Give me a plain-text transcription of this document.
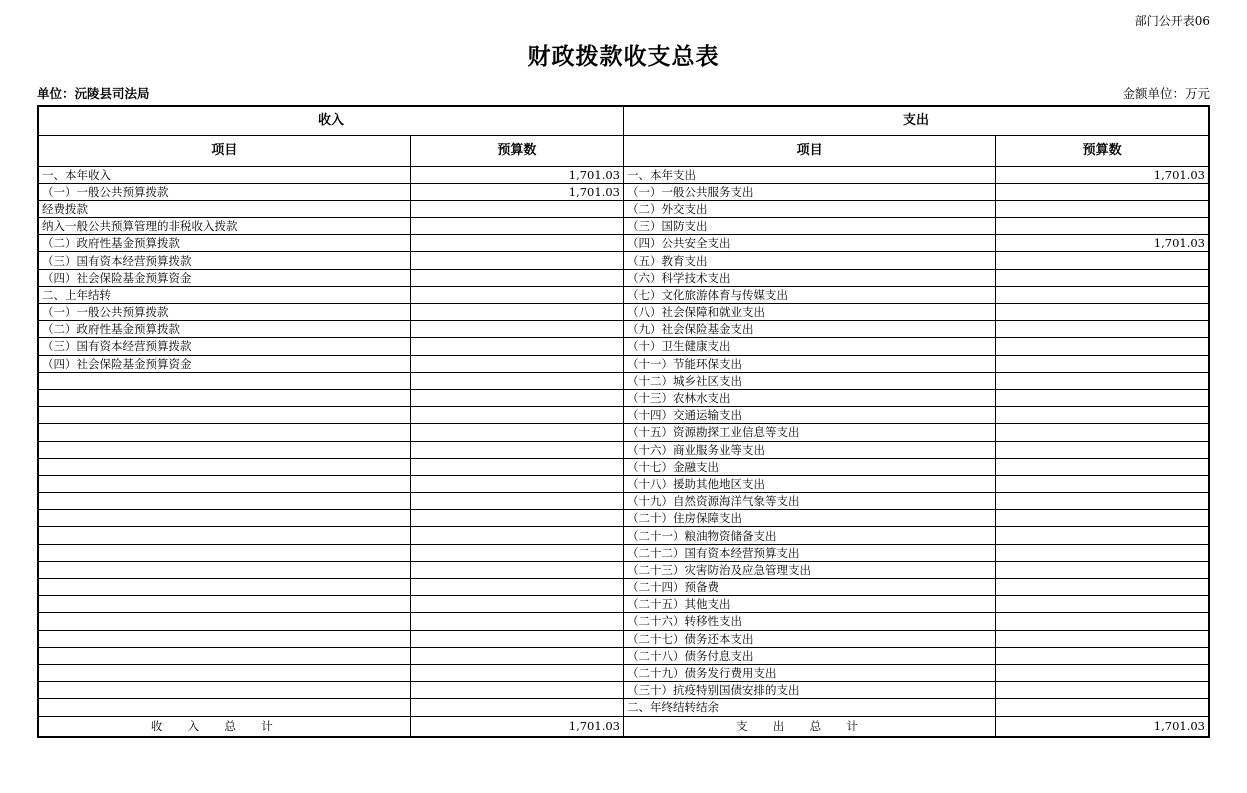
部门公开表06
财政拨款收支总表
单位：沅陵县司法局	金额单位：万元
收入		支出	
项目	预算数	项目	预算数
一、本年收入	1,701.03	一、本年支出	1,701.03
（一）一般公共预算拨款	1,701.03	（一）一般公共服务支出	
经费拨款		（二）外交支出	
纳入一般公共预算管理的非税收入拨款		（三）国防支出	
（二）政府性基金预算拨款		（四）公共安全支出	1,701.03
（三）国有资本经营预算拨款		（五）教育支出	
（四）社会保险基金预算资金		（六）科学技术支出	
二、上年结转		（七）文化旅游体育与传媒支出	
（一）一般公共预算拨款		（八）社会保障和就业支出	
（二）政府性基金预算拨款		（九）社会保险基金支出	
（三）国有资本经营预算拨款		（十）卫生健康支出	
（四）社会保险基金预算资金		（十一）节能环保支出	
		（十二）城乡社区支出	
		（十三）农林水支出	
		（十四）交通运输支出	
		（十五）资源勘探工业信息等支出	
		（十六）商业服务业等支出	
		（十七）金融支出	
		（十八）援助其他地区支出	
		（十九）自然资源海洋气象等支出	
		（二十）住房保障支出	
		（二十一）粮油物资储备支出	
		（二十二）国有资本经营预算支出	
		（二十三）灾害防治及应急管理支出	
		（二十四）预备费	
		（二十五）其他支出	
		（二十六）转移性支出	
		（二十七）债务还本支出	
		（二十八）债务付息支出	
		（二十九）债务发行费用支出	
		（三十）抗疫特别国债安排的支出	
		二、年终结转结余	
收入总计	1,701.03	支出总计	1,701.03
